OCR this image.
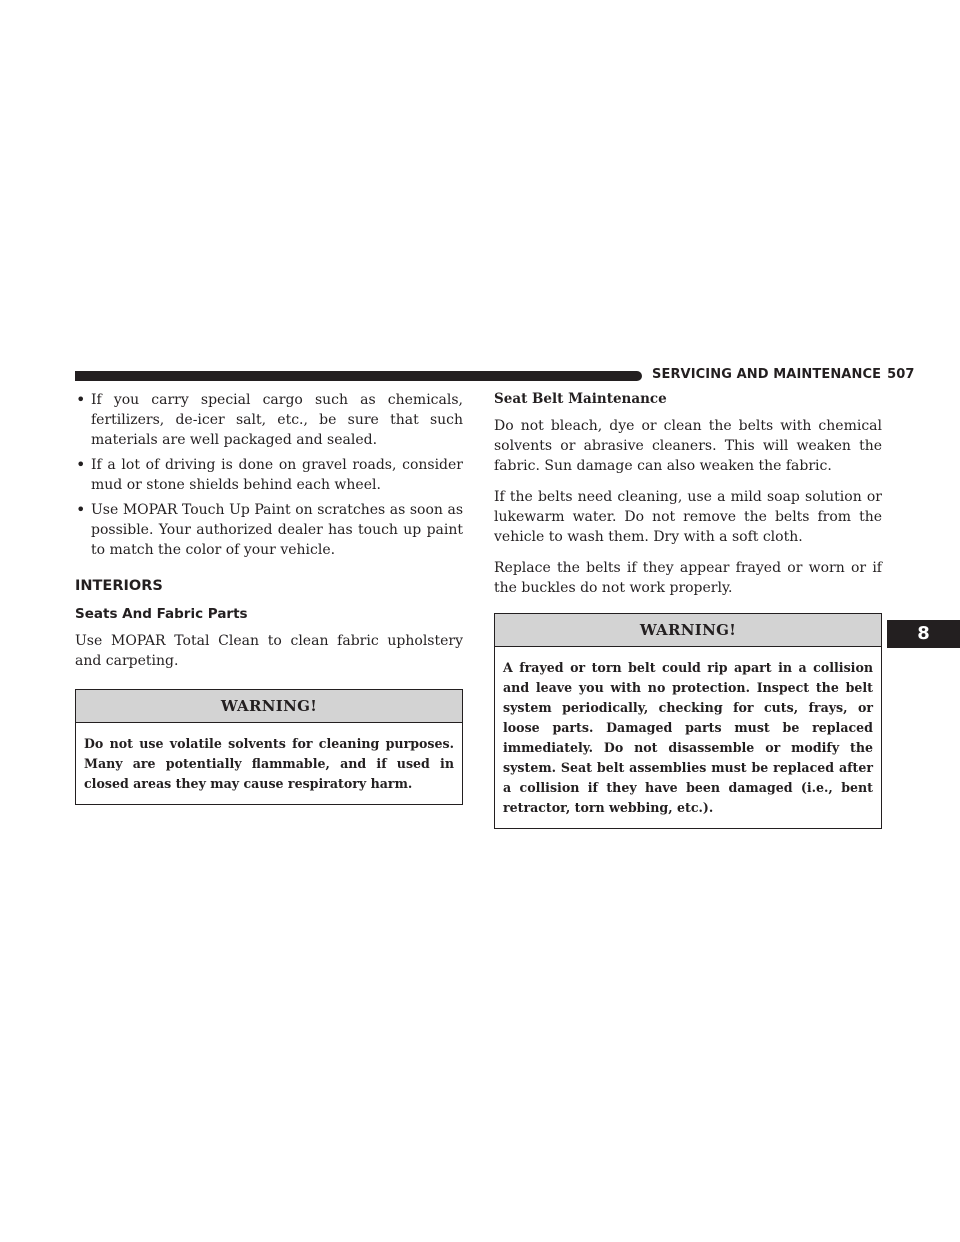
SERVICING AND MAINTENANCE 507
8
• If you carry special cargo such as chemicals, fertilizers, de-icer salt, etc., be sure that such materials are well packaged and sealed.

• If a lot of driving is done on gravel roads, consider mud or stone shields behind each wheel.

• Use MOPAR Touch Up Paint on scratches as soon as possible. Your authorized dealer has touch up paint to match the color of your vehicle.

INTERIORS
Seats And Fabric Parts

Use MOPAR Total Clean to clean fabric upholstery and carpeting.

WARNING!
Do not use volatile solvents for cleaning purposes. Many are potentially flammable, and if used in closed areas they may cause respiratory harm.
Seat Belt Maintenance

Do not bleach, dye or clean the belts with chemical solvents or abrasive cleaners. This will weaken the fabric. Sun damage can also weaken the fabric.

If the belts need cleaning, use a mild soap solution or lukewarm water. Do not remove the belts from the vehicle to wash them. Dry with a soft cloth.

Replace the belts if they appear frayed or worn or if the buckles do not work properly.

WARNING!
A frayed or torn belt could rip apart in a collision and leave you with no protection. Inspect the belt system periodically, checking for cuts, frays, or loose parts. Damaged parts must be replaced immediately. Do not disassemble or modify the system. Seat belt assemblies must be replaced after a collision if they have been damaged (i.e., bent retractor, torn webbing, etc.).
